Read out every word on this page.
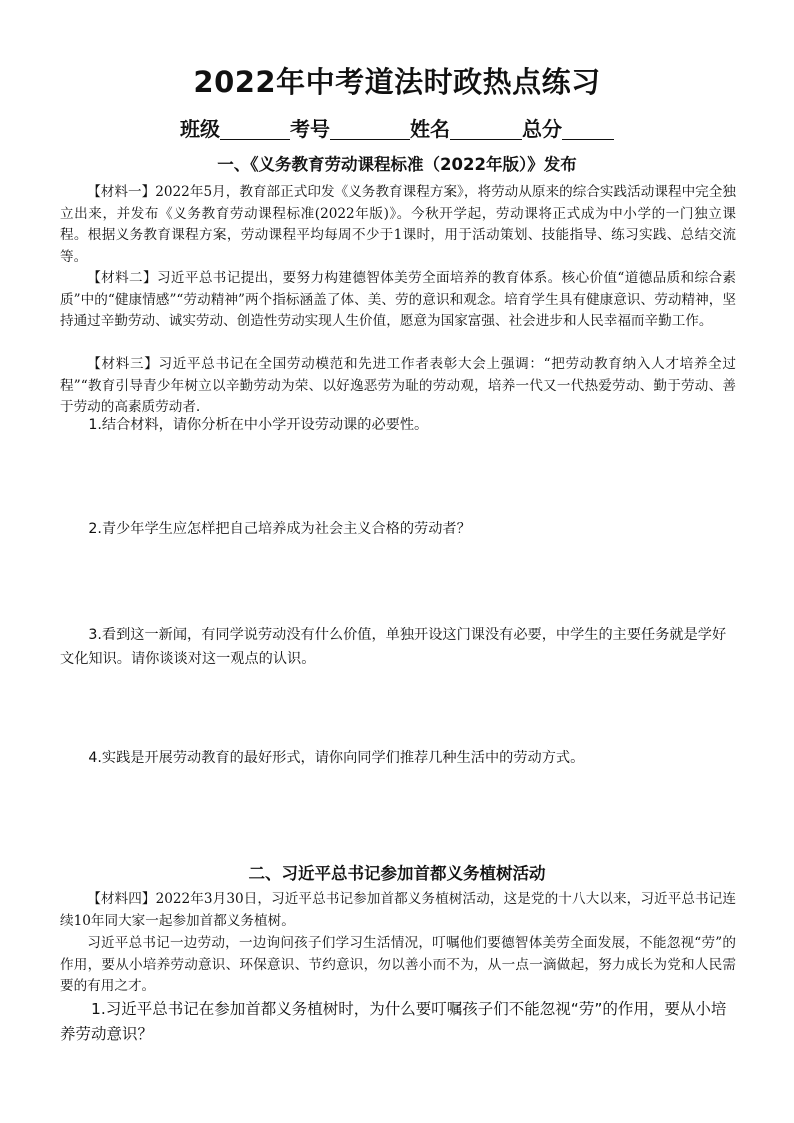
2022年中考道法时政热点练习
班级	考号	姓名	总分
一、《义务教育劳动课程标准（2022年版）》发布

【材料一】2022年5月，教育部正式印发《义务教育课程方案》，将劳动从原来的综合实践活动课程中完全独立出来，并发布《义务教育劳动课程标准(2022年版)》。今秋开学起，劳动课将正式成为中小学的一门独立课程。根据义务教育课程方案，劳动课程平均每周不少于1课时，用于活动策划、技能指导、练习实践、总结交流等。

【材料二】习近平总书记提出，要努力构建德智体美劳全面培养的教育体系。核心价值“道德品质和综合素质”中的“健康情感”“劳动精神”两个指标涵盖了体、美、劳的意识和观念。培育学生具有健康意识、劳动精神，坚持通过辛勤劳动、诚实劳动、创造性劳动实现人生价值，愿意为国家富强、社会进步和人民幸福而辛勤工作。

【材料三】习近平总书记在全国劳动模范和先进工作者表彰大会上强调：“把劳动教育纳入人才培养全过程”“教育引导青少年树立以辛勤劳动为荣、以好逸恶劳为耻的劳动观，培养一代又一代热爱劳动、勤于劳动、善于劳动的高素质劳动者.

1.结合材料，请你分析在中小学开设劳动课的必要性。

2.青少年学生应怎样把自己培养成为社会主义合格的劳动者？

3.看到这一新闻，有同学说劳动没有什么价值，单独开设这门课没有必要，中学生的主要任务就是学好文化知识。请你谈谈对这一观点的认识。

4.实践是开展劳动教育的最好形式，请你向同学们推荐几种生活中的劳动方式。

二、习近平总书记参加首都义务植树活动

【材料四】2022年3月30日，习近平总书记参加首都义务植树活动，这是党的十八大以来，习近平总书记连续10年同大家一起参加首都义务植树。

习近平总书记一边劳动，一边询问孩子们学习生活情况，叮嘱他们要德智体美劳全面发展，不能忽视“劳”的作用，要从小培养劳动意识、环保意识、节约意识，勿以善小而不为，从一点一滴做起，努力成长为党和人民需要的有用之才。

1.习近平总书记在参加首都义务植树时，为什么要叮嘱孩子们不能忽视“劳”的作用，要从小培养劳动意识？
